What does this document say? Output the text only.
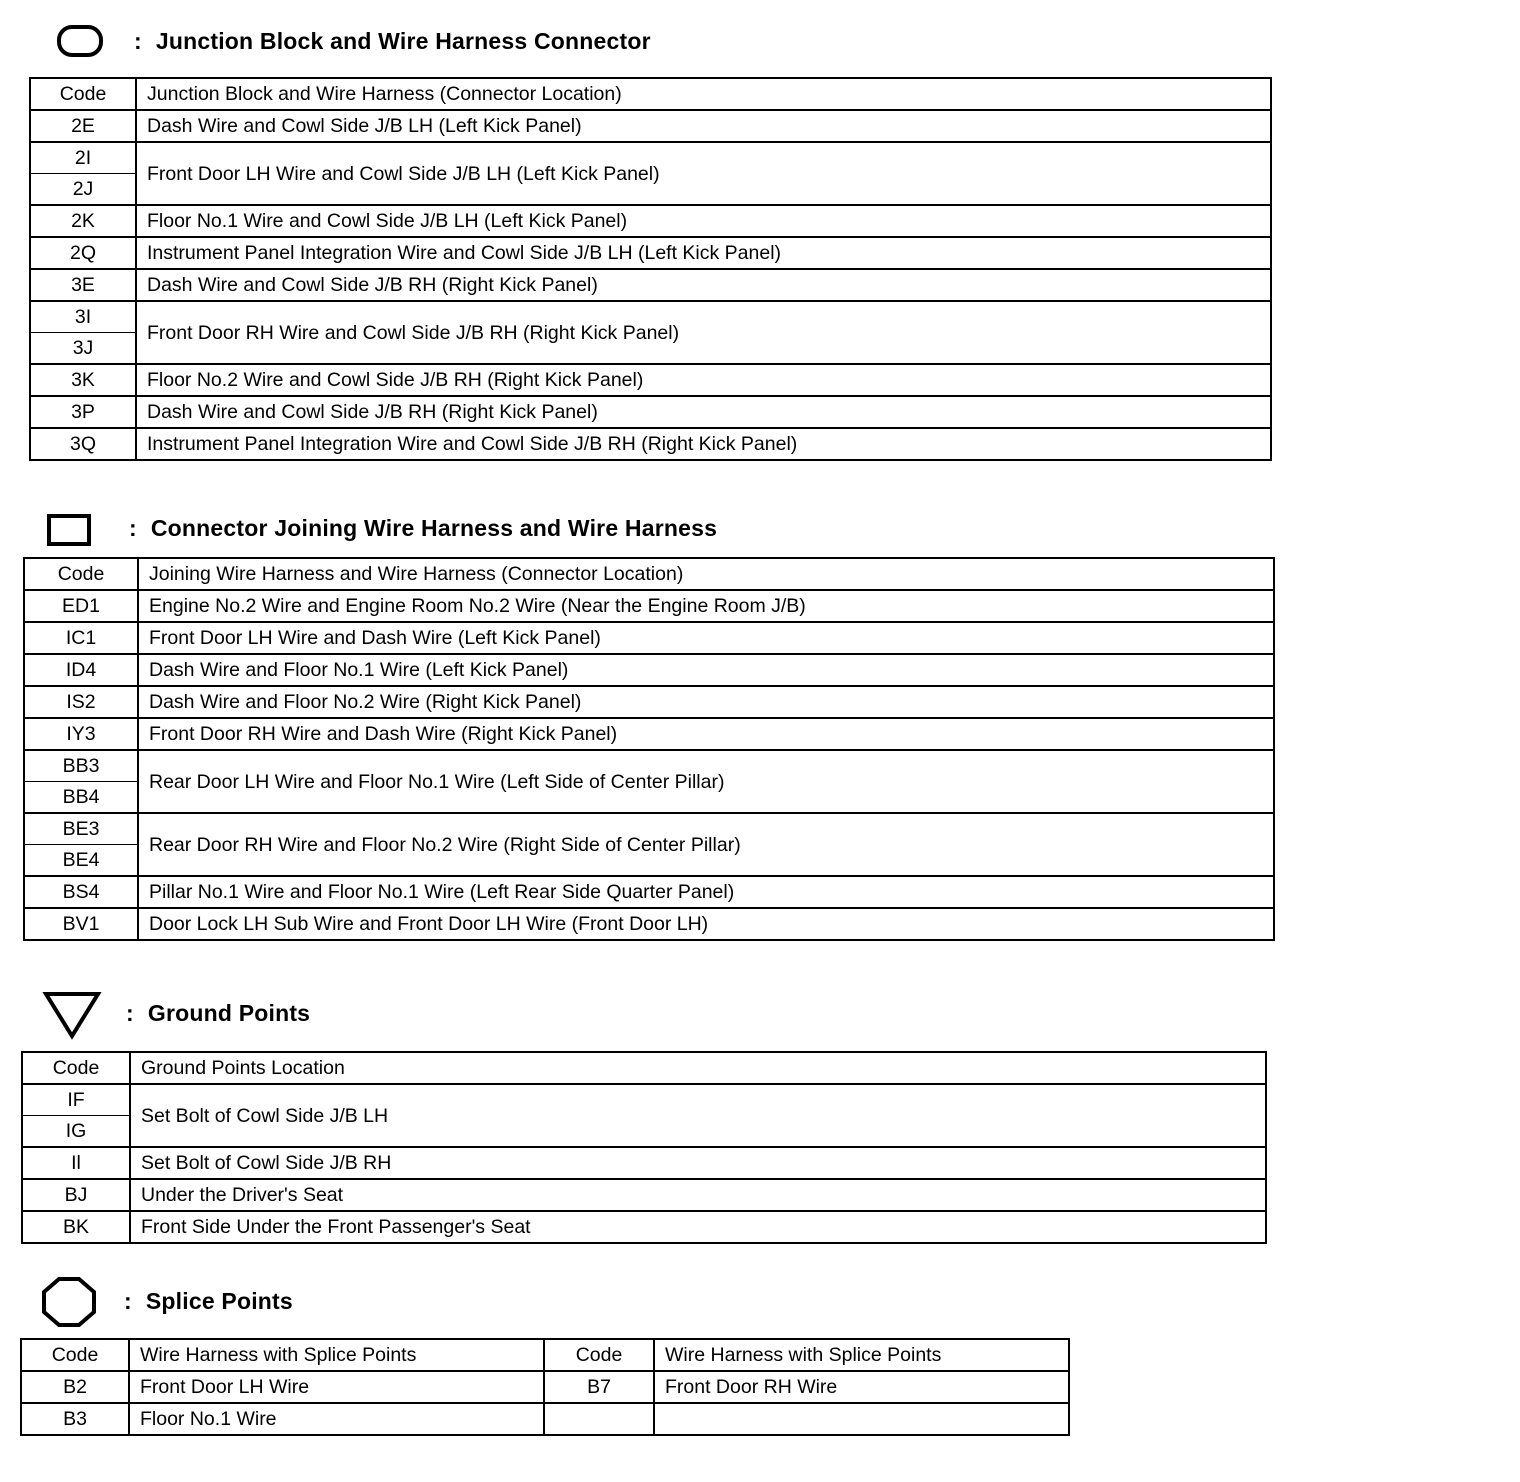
: Junction Block and Wire Harness Connector
Code	Junction Block and Wire Harness (Connector Location)
2E	Dash Wire and Cowl Side J/B LH (Left Kick Panel)
2I	Front Door LH Wire and Cowl Side J/B LH (Left Kick Panel)
2J	
2K	Floor No.1 Wire and Cowl Side J/B LH (Left Kick Panel)
2Q	Instrument Panel Integration Wire and Cowl Side J/B LH (Left Kick Panel)
3E	Dash Wire and Cowl Side J/B RH (Right Kick Panel)
3I	Front Door RH Wire and Cowl Side J/B RH (Right Kick Panel)
3J	
3K	Floor No.2 Wire and Cowl Side J/B RH (Right Kick Panel)
3P	Dash Wire and Cowl Side J/B RH (Right Kick Panel)
3Q	Instrument Panel Integration Wire and Cowl Side J/B RH (Right Kick Panel)
: Connector Joining Wire Harness and Wire Harness
Code	Joining Wire Harness and Wire Harness (Connector Location)
ED1	Engine No.2 Wire and Engine Room No.2 Wire (Near the Engine Room J/B)
IC1	Front Door LH Wire and Dash Wire (Left Kick Panel)
ID4	Dash Wire and Floor No.1 Wire (Left Kick Panel)
IS2	Dash Wire and Floor No.2 Wire (Right Kick Panel)
IY3	Front Door RH Wire and Dash Wire (Right Kick Panel)
BB3	Rear Door LH Wire and Floor No.1 Wire (Left Side of Center Pillar)
BB4	
BE3	Rear Door RH Wire and Floor No.2 Wire (Right Side of Center Pillar)
BE4	
BS4	Pillar No.1 Wire and Floor No.1 Wire (Left Rear Side Quarter Panel)
BV1	Door Lock LH Sub Wire and Front Door LH Wire (Front Door LH)
: Ground Points
Code	Ground Points Location
IF	Set Bolt of Cowl Side J/B LH
IG	
Il	Set Bolt of Cowl Side J/B RH
BJ	Under the Driver's Seat
BK	Front Side Under the Front Passenger's Seat
: Splice Points
Code	Wire Harness with Splice Points	Code	Wire Harness with Splice Points
B2	Front Door LH Wire	B7	Front Door RH Wire
B3	Floor No.1 Wire		
